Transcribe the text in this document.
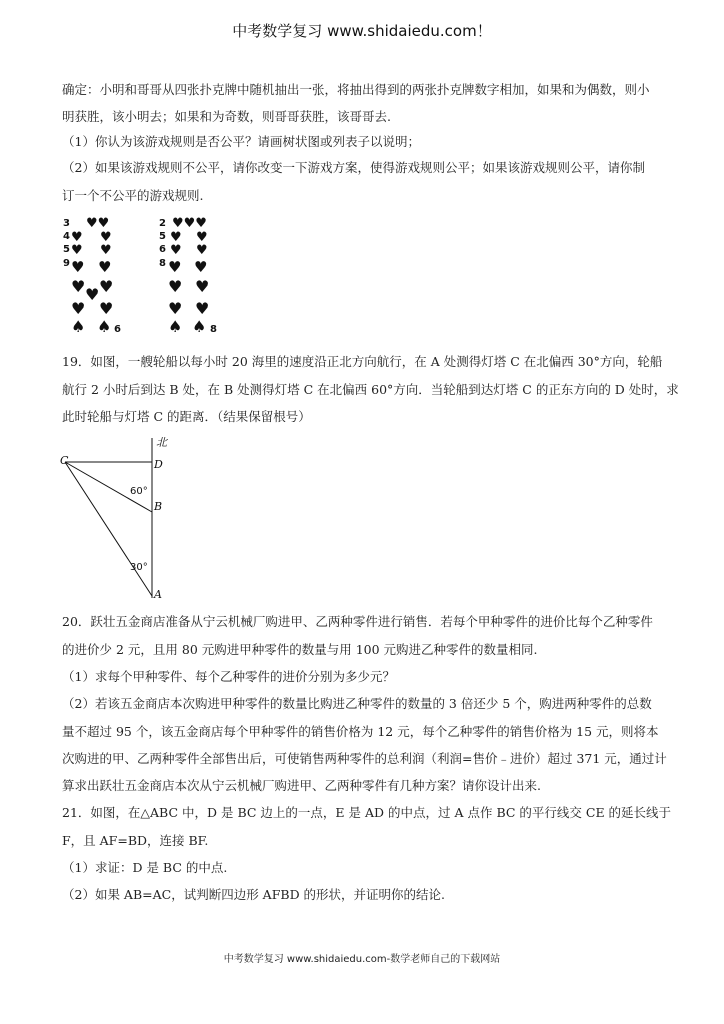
中考数学复习 www.shidaiedu.com！
确定：小明和哥哥从四张扑克牌中随机抽出一张，将抽出得到的两张扑克牌数字相加，如果和为偶数，则小
明获胜，该小明去；如果和为奇数，则哥哥获胜，该哥哥去.
（1）你认为该游戏规则是否公平？请画树状图或列表子以说明；
（2）如果该游戏规则不公平，请你改变一下游戏方案，使得游戏规则公平；如果该游戏规则公平，请你制
订一个不公平的游戏规则.
3
4
5
9
♥♥
♥ ♥
♥ ♥
♥ ♥
♥ ♥ ♥
♥ ♥
♠ ♠ 6
2
5
6
8
♥♥♥
♥ ♥
♥ ♥
♥ ♥
♥ ♥
♥ ♥
♠ ♠ 8
19．如图，一艘轮船以每小时 20 海里的速度沿正北方向航行，在 A 处测得灯塔 C 在北偏西 30°方向，轮船
航行 2 小时后到达 B 处，在 B 处测得灯塔 C 在北偏西 60°方向．当轮船到达灯塔 C 的正东方向的 D 处时，求
此时轮船与灯塔 C 的距离．（结果保留根号）
北
C	D
B
A
60°
30°
20．跃壮五金商店准备从宁云机械厂购进甲、乙两种零件进行销售．若每个甲种零件的进价比每个乙种零件
的进价少 2 元，且用 80 元购进甲种零件的数量与用 100 元购进乙种零件的数量相同.
（1）求每个甲种零件、每个乙种零件的进价分别为多少元？
（2）若该五金商店本次购进甲种零件的数量比购进乙种零件的数量的 3 倍还少 5 个，购进两种零件的总数
量不超过 95 个，该五金商店每个甲种零件的销售价格为 12 元，每个乙种零件的销售价格为 15 元，则将本
次购进的甲、乙两种零件全部售出后，可使销售两种零件的总利润（利润=售价﹣进价）超过 371 元，通过计
算求出跃壮五金商店本次从宁云机械厂购进甲、乙两种零件有几种方案？请你设计出来.
21．如图，在△ABC 中，D 是 BC 边上的一点，E 是 AD 的中点，过 A 点作 BC 的平行线交 CE 的延长线于
F，且 AF=BD，连接 BF.
（1）求证：D 是 BC 的中点.
（2）如果 AB=AC，试判断四边形 AFBD 的形状，并证明你的结论.
中考数学复习 www.shidaiedu.com-数学老师自己的下载网站
